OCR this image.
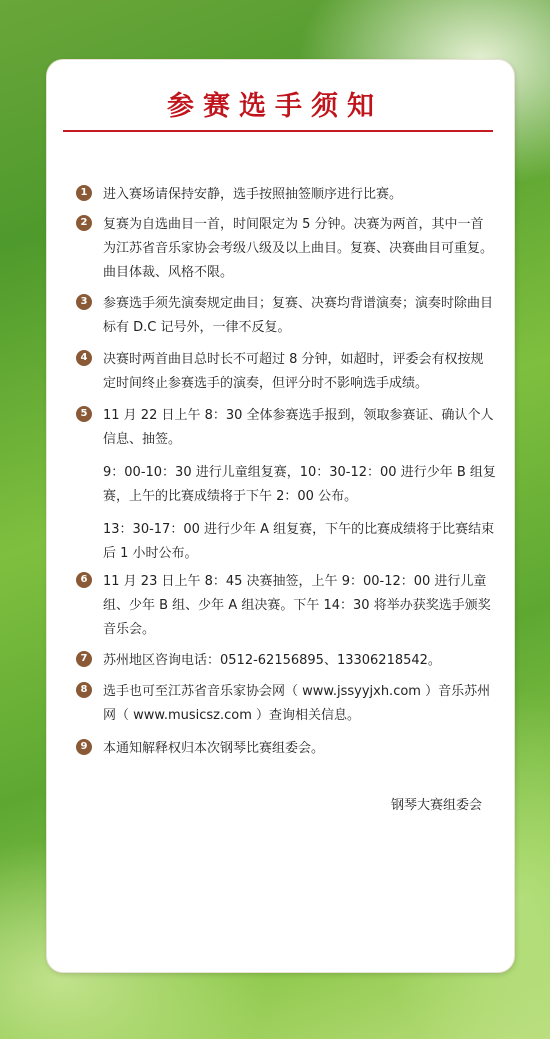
参赛选手须知
1	进入赛场请保持安静，选手按照抽签顺序进行比赛。

2	复赛为自选曲目一首，时间限定为 5 分钟。决赛为两首，其中一首为江苏省音乐家协会考级八级及以上曲目。复赛、决赛曲目可重复。曲目体裁、风格不限。

3	参赛选手须先演奏规定曲目；复赛、决赛均背谱演奏；演奏时除曲目标有 D.C 记号外，一律不反复。

4	决赛时两首曲目总时长不可超过 8 分钟，如超时，评委会有权按规定时间终止参赛选手的演奏，但评分时不影响选手成绩。

5	11 月 22 日上午 8：30 全体参赛选手报到，领取参赛证、确认个人信息、抽签。

9：00-10：30 进行儿童组复赛，10：30-12：00 进行少年 B 组复赛，上午的比赛成绩将于下午 2：00 公布。

13：30-17：00 进行少年 A 组复赛，下午的比赛成绩将于比赛结束后 1 小时公布。

6	11 月 23 日上午 8：45 决赛抽签，上午 9：00-12：00 进行儿童组、少年 B 组、少年 A 组决赛。下午 14：30 将举办获奖选手颁奖音乐会。

7	苏州地区咨询电话：0512-62156895、13306218542。

8	选手也可至江苏省音乐家协会网（ www.jssyyjxh.com ）音乐苏州网（ www.musicsz.com ）查询相关信息。

9	本通知解释权归本次钢琴比赛组委会。

钢琴大赛组委会
